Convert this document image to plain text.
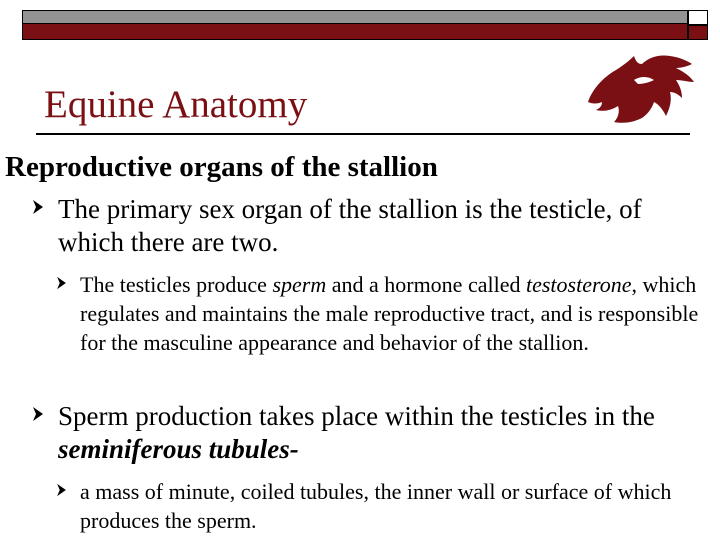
Equine Anatomy
Reproductive organs of the stallion
The primary sex organ of the stallion is the testicle, of which there are two.
The testicles produce sperm and a hormone called testosterone, which regulates and maintains the male reproductive tract, and is responsible for the masculine appearance and behavior of the stallion.
Sperm production takes place within the testicles in the seminiferous tubules-
a mass of minute, coiled tubules, the inner wall or surface of which produces the sperm.
